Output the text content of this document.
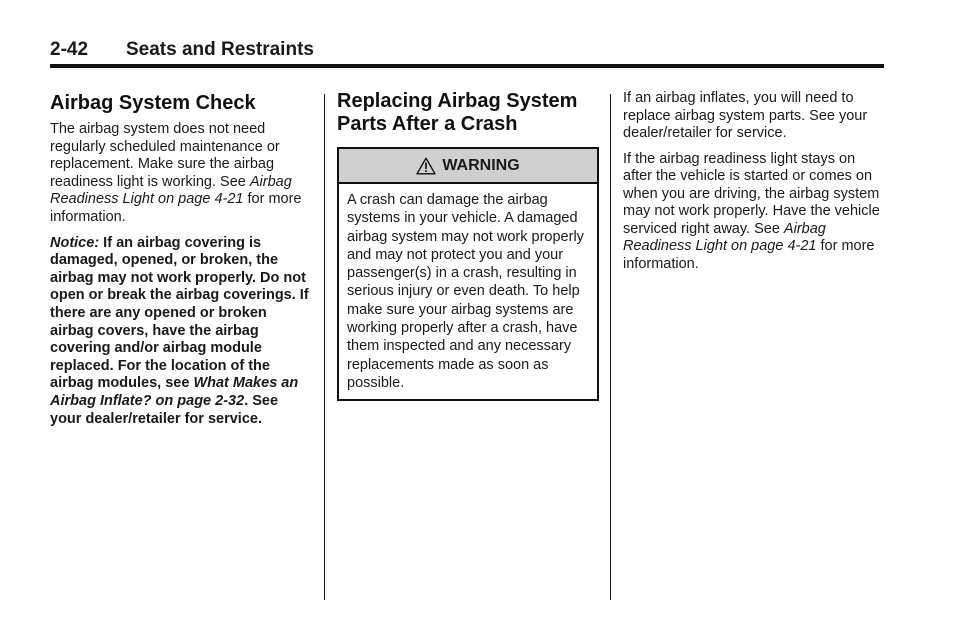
2-42 Seats and Restraints
Airbag System Check

The airbag system does not need regularly scheduled maintenance or replacement. Make sure the airbag readiness light is working. See Airbag Readiness Light on page 4-21 for more information.

Notice: If an airbag covering is damaged, opened, or broken, the airbag may not work properly. Do not open or break the airbag coverings. If there are any opened or broken airbag covers, have the airbag covering and/or airbag module replaced. For the location of the airbag modules, see What Makes an Airbag Inflate? on page 2-32. See your dealer/retailer for service.

Replacing Airbag System Parts After a Crash
WARNING
A crash can damage the airbag systems in your vehicle. A damaged airbag system may not work properly and may not protect you and your passenger(s) in a crash, resulting in serious injury or even death. To help make sure your airbag systems are working properly after a crash, have them inspected and any necessary replacements made as soon as possible.

If an airbag inflates, you will need to replace airbag system parts. See your dealer/retailer for service.

If the airbag readiness light stays on after the vehicle is started or comes on when you are driving, the airbag system may not work properly. Have the vehicle serviced right away. See Airbag Readiness Light on page 4-21 for more information.
